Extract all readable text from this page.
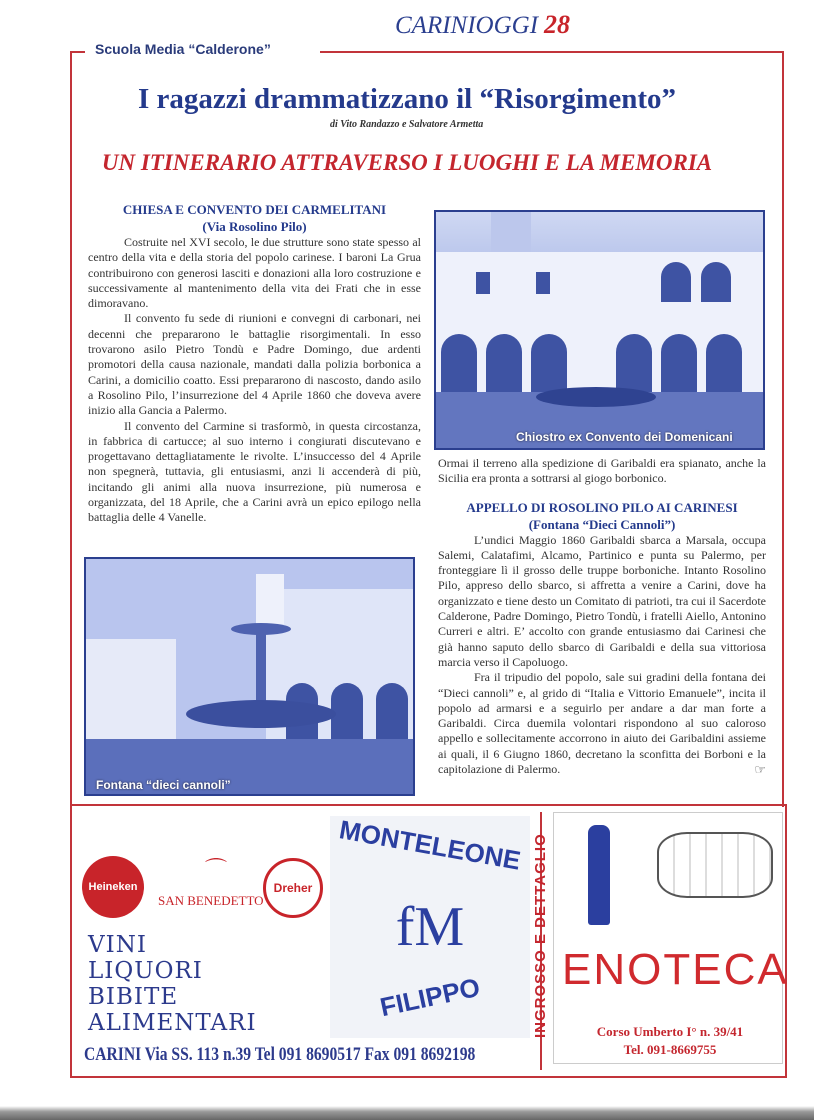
CARINIOGGI 28
Scuola Media “Calderone”
I ragazzi drammatizzano il “Risorgimento”
di Vito Randazzo e Salvatore Armetta
UN ITINERARIO ATTRAVERSO I LUOGHI E LA MEMORIA
CHIESA E CONVENTO DEI CARMELITANI
(Via Rosolino Pilo)

Costruite nel XVI secolo, le due strutture sono state spesso al centro della vita e della storia del popolo carinese. I baroni La Grua contribuirono con generosi lasciti e donazioni alla loro costruzione e successivamente al mantenimento della vita dei Frati che in esse dimoravano.

Il convento fu sede di riunioni e convegni di carbonari, nei decenni che prepararono le battaglie risorgimentali. In esso trovarono asilo Pietro Tondù e Padre Domingo, due ardenti promotori della causa nazionale, mandati dalla polizia borbonica a Carini, a domicilio coatto. Essi prepararono di nascosto, dando asilo a Rosolino Pilo, l’insurrezione del 4 Aprile 1860 che doveva avere inizio alla Gancia a Palermo.

Il convento del Carmine si trasformò, in questa circostanza, in fabbrica di cartucce; al suo interno i congiurati discutevano e progettavano dettagliatamente le rivolte. L’insuccesso del 4 Aprile non spegnerà, tuttavia, gli entusiasmi, anzi li accenderà di più, incitando gli animi alla nuova insurrezione, più numerosa e organizzata, del 18 Aprile, che a Carini avrà un epico epilogo nella battaglia delle 4 Vanelle.

Chiostro ex Convento dei Domenicani

Ormai il terreno alla spedizione di Garibaldi era spianato, anche la Sicilia era pronta a sottrarsi al giogo borbonico.

APPELLO DI ROSOLINO PILO AI CARINESI
(Fontana “Dieci Cannoli”)

L’undici Maggio 1860 Garibaldi sbarca a Marsala, occupa Salemi, Calatafimi, Alcamo, Partinico e punta su Palermo, per fronteggiare lì il grosso delle truppe borboniche. Intanto Rosolino Pilo, appreso dello sbarco, si affretta a venire a Carini, dove ha organizzato e tiene desto un Comitato di patrioti, tra cui il Sacerdote Calderone, Padre Domingo, Pietro Tondù, i fratelli Aiello, Antonino Curreri e altri. E’ accolto con grande entusiasmo dai Carinesi che già hanno saputo dello sbarco di Garibaldi e della sua vittoriosa marcia verso il Capoluogo.

Fra il tripudio del popolo, sale sui gradini della fontana dei “Dieci cannoli” e, al grido di “Italia e Vittorio Emanuele”, incita il popolo ad armarsi e a seguirlo per andare a dar man forte a Garibaldi. Circa duemila volontari rispondono al suo caloroso appello e sollecitamente accorrono in aiuto dei Garibaldini assieme ai quali, il 6 Giugno 1860, decretano la sconfitta dei Borboni e la capitolazione di Palermo.	☞

Fontana “dieci cannoli”
Heineken
SAN BENEDETTO
⌒
Dreher
VINI
LIQUORI
BIBITE
ALIMENTARI
MONTELEONE
fM
FILIPPO
CARINI Via SS. 113 n.39 Tel 091 8690517 Fax 091 8692198
INGROSSO E DETTAGLIO ENOTECA
Corso Umberto I° n. 39/41
Tel. 091-8669755
